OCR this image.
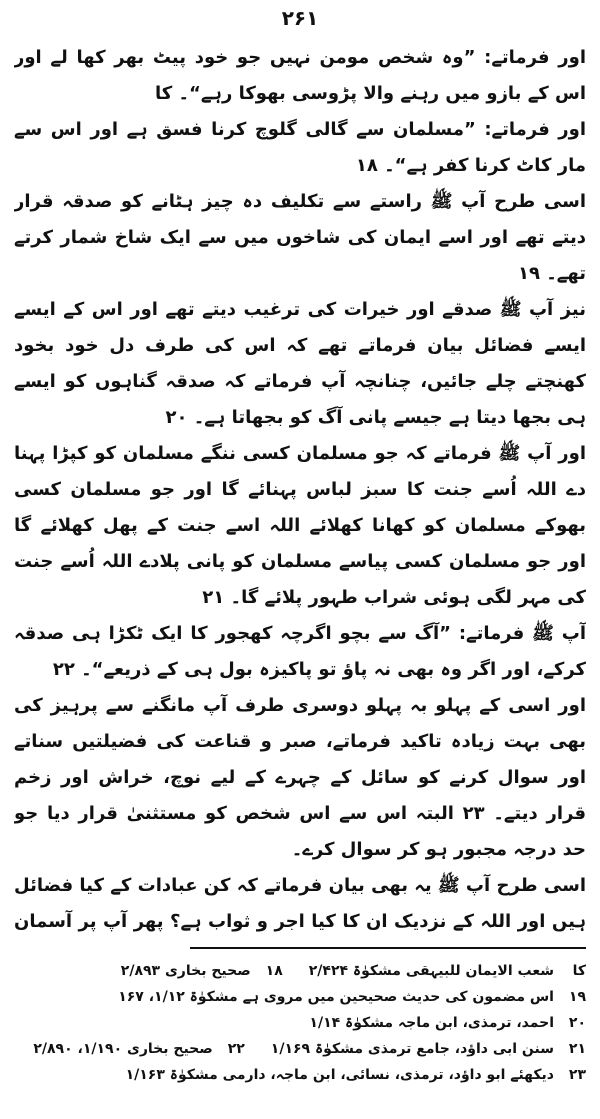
۲۶۱

اور فرماتے: ”وہ شخص مومن نہیں جو خود پیٹ بھر کھا لے اور اس کے بازو میں رہنے والا پڑوسی بھوکا رہے“۔ کا

اور فرماتے: ”مسلمان سے گالی گلوچ کرنا فسق ہے اور اس سے مار کاٹ کرنا کفر ہے“۔ ۱۸

اسی طرح آپ ﷺ راستے سے تکلیف دہ چیز ہٹانے کو صدقہ قرار دیتے تھے اور اسے ایمان کی شاخوں میں سے ایک شاخ شمار کرتے تھے۔ ۱۹

نیز آپ ﷺ صدقے اور خیرات کی ترغیب دیتے تھے اور اس کے ایسے ایسے فضائل بیان فرماتے تھے کہ اس کی طرف دل خود بخود کھنچتے چلے جائیں، چنانچہ آپ فرماتے کہ صدقہ گناہوں کو ایسے ہی بجھا دیتا ہے جیسے پانی آگ کو بجھاتا ہے۔ ۲۰

اور آپ ﷺ فرماتے کہ جو مسلمان کسی ننگے مسلمان کو کپڑا پہنا دے اللہ اُسے جنت کا سبز لباس پہنائے گا اور جو مسلمان کسی بھوکے مسلمان کو کھانا کھلائے اللہ اسے جنت کے پھل کھلائے گا اور جو مسلمان کسی پیاسے مسلمان کو پانی پلادے اللہ اُسے جنت کی مہر لگی ہوئی شراب طہور پلائے گا۔ ۲۱

آپ ﷺ فرماتے: ”آگ سے بچو اگرچہ کھجور کا ایک ٹکڑا ہی صدقہ کرکے، اور اگر وہ بھی نہ پاؤ تو پاکیزہ بول ہی کے ذریعے“۔ ۲۲

اور اسی کے پہلو بہ پہلو دوسری طرف آپ مانگنے سے پرہیز کی بھی بہت زیادہ تاکید فرماتے، صبر و قناعت کی فضیلتیں سناتے اور سوال کرنے کو سائل کے چہرے کے لیے نوچ، خراش اور زخم قرار دیتے۔ ۲۳ البتہ اس سے اس شخص کو مستثنیٰ قرار دیا جو حد درجہ مجبور ہو کر سوال کرے۔

اسی طرح آپ ﷺ یہ بھی بیان فرماتے کہ کن عبادات کے کیا فضائل ہیں اور اللہ کے نزدیک ان کا کیا اجر و ثواب ہے؟ پھر آپ پر آسمان

کا
شعب الایمان للبیہقی مشکوٰۃ ۲/۴۲۴
۱۸
صحیح بخاری ۲/۸۹۳
۱۹
اس مضمون کی حدیث صحیحین میں مروی ہے مشکوٰۃ ۱/۱۲، ۱۶۷
۲۰
احمد، ترمذی، ابن ماجہ مشکوٰۃ ۱/۱۴
۲۱
سنن ابی داؤد، جامع ترمذی مشکوٰۃ ۱/۱۶۹
۲۲
صحیح بخاری ۱/۱۹۰، ۲/۸۹۰
۲۳
دیکھئے ابو داؤد، ترمذی، نسائی، ابن ماجہ، دارمی مشکوٰۃ ۱/۱۶۳
